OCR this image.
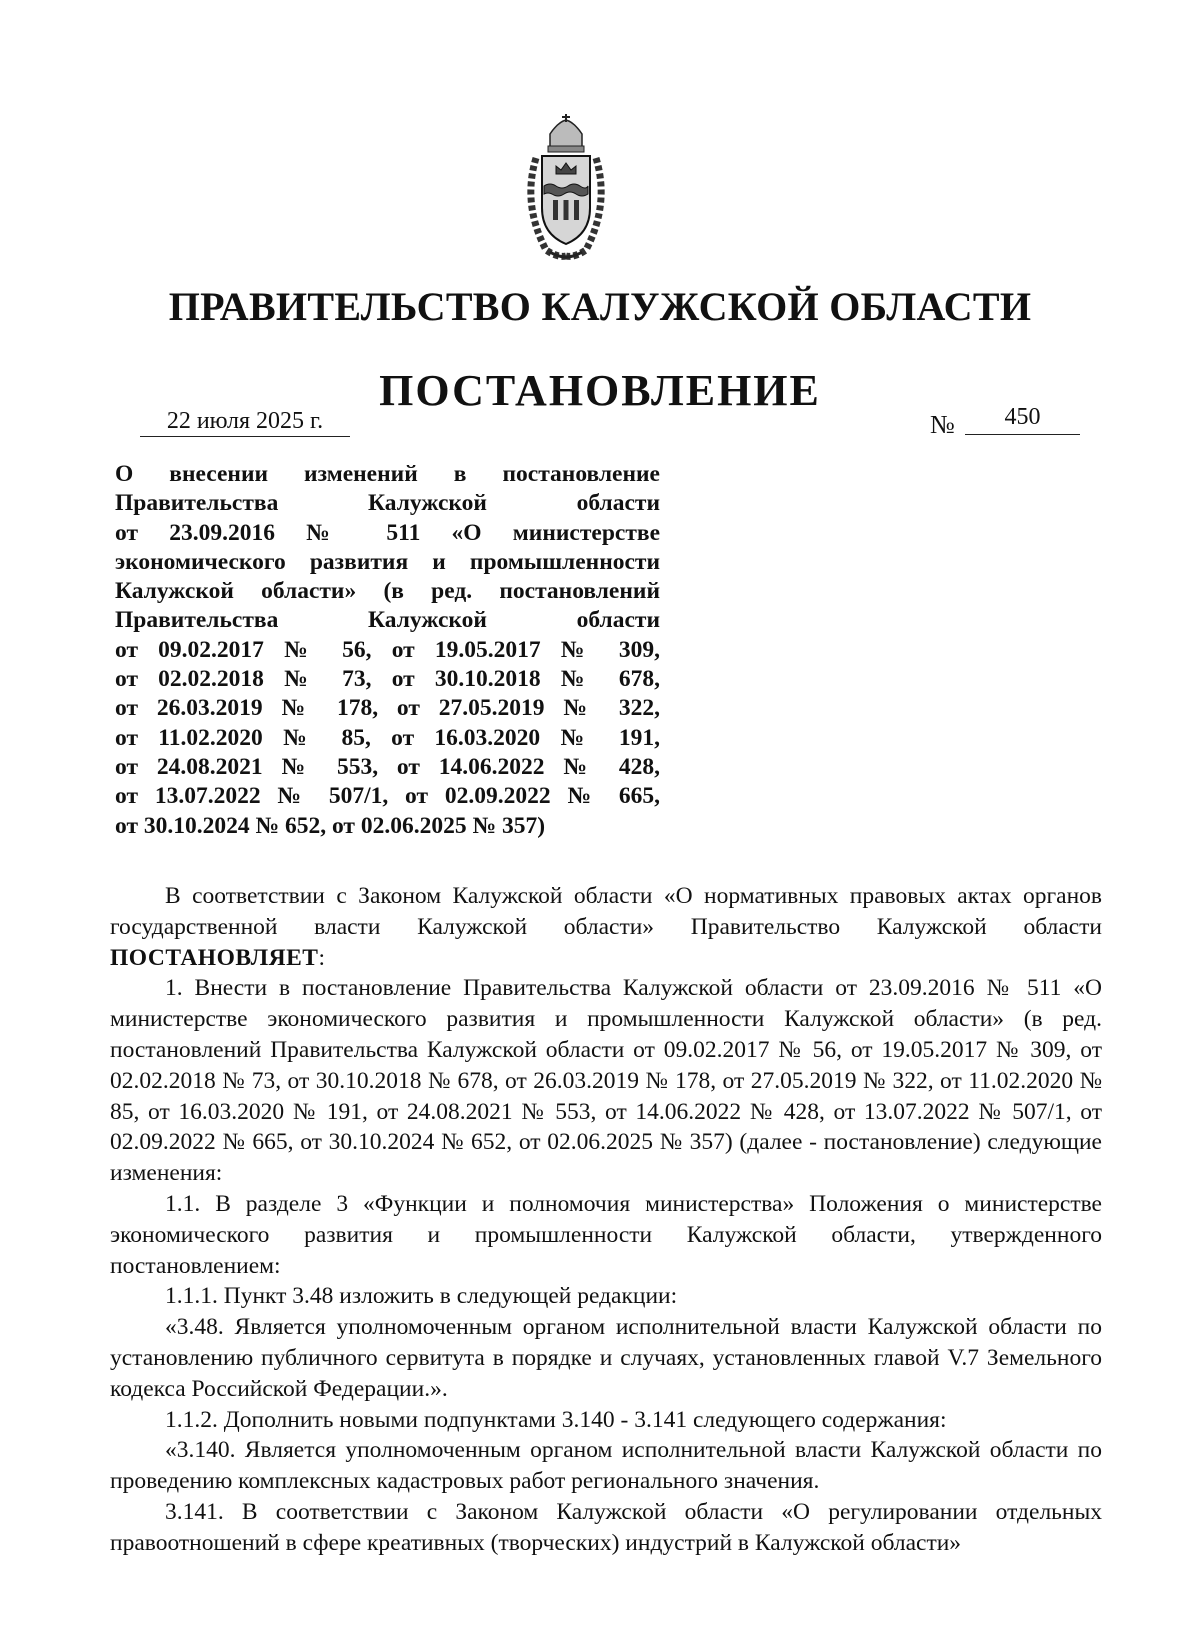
ПРАВИТЕЛЬСТВО КАЛУЖСКОЙ ОБЛАСТИ
ПОСТАНОВЛЕНИЕ
22 июля 2025 г.	№	450
О внесении изменений в постановление
Правительства Калужской области
от 23.09.2016 № 511 «О министерстве
экономического развития и промышленности
Калужской области» (в ред. постановлений
Правительства Калужской области
от 09.02.2017 № 56, от 19.05.2017 № 309,
от 02.02.2018 № 73, от 30.10.2018 № 678,
от 26.03.2019 № 178, от 27.05.2019 № 322,
от 11.02.2020 № 85, от 16.03.2020 № 191,
от 24.08.2021 № 553, от 14.06.2022 № 428,
от 13.07.2022 № 507/1, от 02.09.2022 № 665,
от 30.10.2024 № 652, от 02.06.2025 № 357)

В соответствии с Законом Калужской области «О нормативных правовых актах органов государственной власти Калужской области» Правительство Калужской области ПОСТАНОВЛЯЕТ:

1. Внести в постановление Правительства Калужской области от 23.09.2016 № 511 «О министерстве экономического развития и промышленности Калужской области» (в ред. постановлений Правительства Калужской области от 09.02.2017 № 56, от 19.05.2017 № 309, от 02.02.2018 № 73, от 30.10.2018 № 678, от 26.03.2019 № 178, от 27.05.2019 № 322, от 11.02.2020 № 85, от 16.03.2020 № 191, от 24.08.2021 № 553, от 14.06.2022 № 428, от 13.07.2022 № 507/1, от 02.09.2022 № 665, от 30.10.2024 № 652, от 02.06.2025 № 357) (далее - постановление) следующие изменения:

1.1. В разделе 3 «Функции и полномочия министерства» Положения о министерстве экономического развития и промышленности Калужской области, утвержденного постановлением:

1.1.1. Пункт 3.48 изложить в следующей редакции:

«3.48. Является уполномоченным органом исполнительной власти Калужской области по установлению публичного сервитута в порядке и случаях, установленных главой V.7 Земельного кодекса Российской Федерации.».

1.1.2. Дополнить новыми подпунктами 3.140 - 3.141 следующего содержания:

«3.140. Является уполномоченным органом исполнительной власти Калужской области по проведению комплексных кадастровых работ регионального значения.

3.141. В соответствии с Законом Калужской области «О регулировании отдельных правоотношений в сфере креативных (творческих) индустрий в Калужской области»
